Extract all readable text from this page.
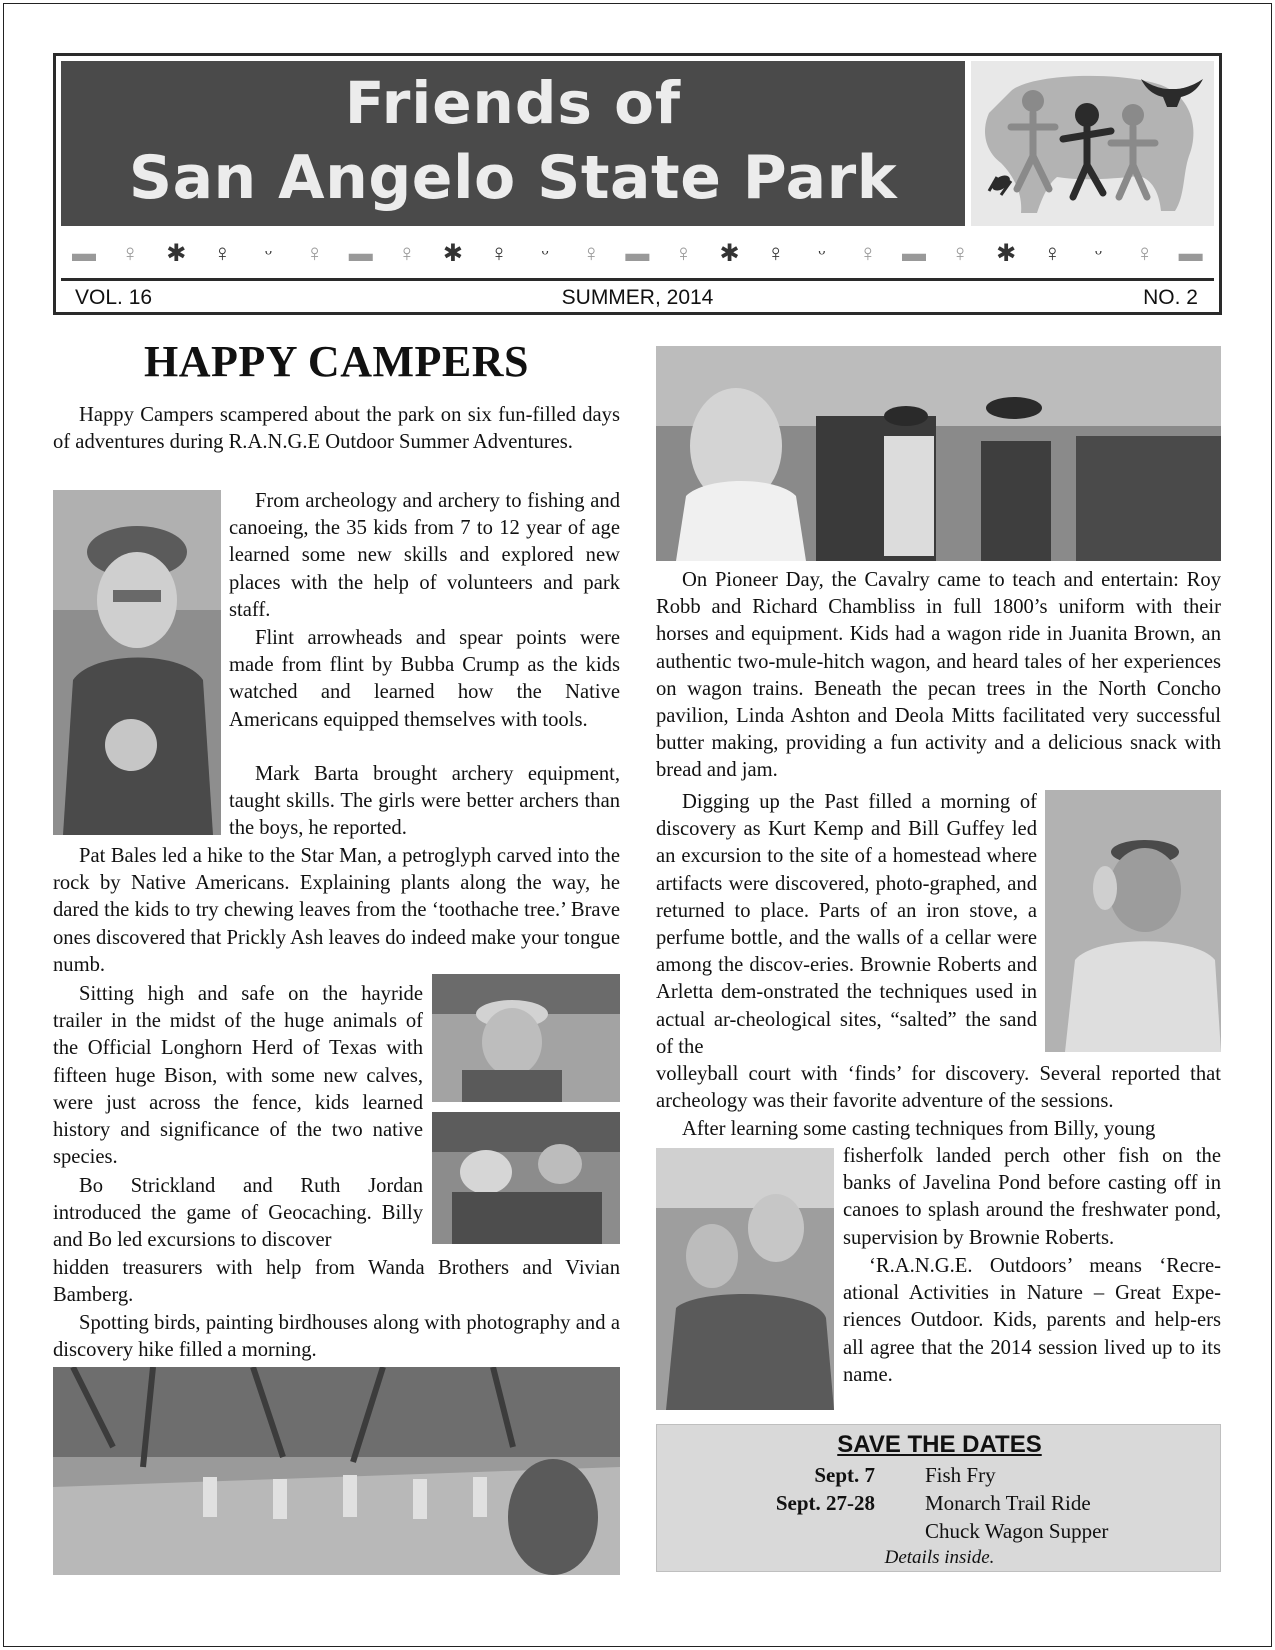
Friends of
San Angelo State Park
▬ ♀ ✱ ♀	ᵕ	♀ ▬ ♀ ✱ ♀	ᵕ	♀ ▬ ♀ ✱ ♀	ᵕ	♀ ▬ ♀ ✱ ♀	ᵕ	♀ ▬
VOL. 16	SUMMER, 2014	NO. 2
HAPPY CAMPERS
Happy Campers scampered about the park on six fun-filled days of adventures during R.A.N.G.E Outdoor Summer Adventures.
From archeology and archery to fishing and canoeing, the 35 kids from 7 to 12 year of age learned some new skills and explored new places with the help of volunteers and park staff.
Flint arrowheads and spear points were made from flint by Bubba Crump as the kids watched and learned how the Native Americans equipped themselves with tools.
Mark Barta brought archery equipment, taught skills. The girls were better archers than the boys, he reported.
Pat Bales led a hike to the Star Man, a petroglyph carved into the rock by Native Americans. Explaining plants along the way, he dared the kids to try chewing leaves from the ‘toothache tree.’ Brave ones discovered that Prickly Ash leaves do indeed make your tongue numb.
Sitting high and safe on the hayride trailer in the midst of the huge animals of the Official Longhorn Herd of Texas with fifteen huge Bison, with some new calves, were just across the fence, kids learned history and significance of the two native species.
Bo Strickland and Ruth Jordan introduced the game of Geocaching. Billy and Bo led excursions to discover
hidden treasurers with help from Wanda Brothers and Vivian Bamberg.
Spotting birds, painting birdhouses along with photography and a discovery hike filled a morning.
On Pioneer Day, the Cavalry came to teach and entertain: Roy Robb and Richard Chambliss in full 1800’s uniform with their horses and equipment. Kids had a wagon ride in Juanita Brown, an authentic two-mule-hitch wagon, and heard tales of her experiences on wagon trains. Beneath the pecan trees in the North Concho pavilion, Linda Ashton and Deola Mitts facilitated very successful butter making, providing a fun activity and a delicious snack with bread and jam.
Digging up the Past filled a morning of discovery as Kurt Kemp and Bill Guffey led an excursion to the site of a homestead where artifacts were discovered, photo-graphed, and returned to place. Parts of an iron stove, a perfume bottle, and the walls of a cellar were among the discov-eries. Brownie Roberts and Arletta dem-onstrated the techniques used in actual ar-cheological sites, “salted” the sand of the
volleyball court with ‘finds’ for discovery. Several reported that archeology was their favorite adventure of the sessions.
After learning some casting techniques from Billy, young
fisherfolk landed perch other fish on the banks of Javelina Pond before casting off in canoes to splash around the freshwater pond, supervision by Brownie Roberts.
‘R.A.N.G.E. Outdoors’ means ‘Recre-ational Activities in Nature – Great Expe-riences Outdoor. Kids, parents and help-ers all agree that the 2014 session lived up to its name.
SAVE THE DATES
Sept. 7 Fish Fry
Sept. 27-28 Monarch Trail Ride
Chuck Wagon Supper
Details inside.
